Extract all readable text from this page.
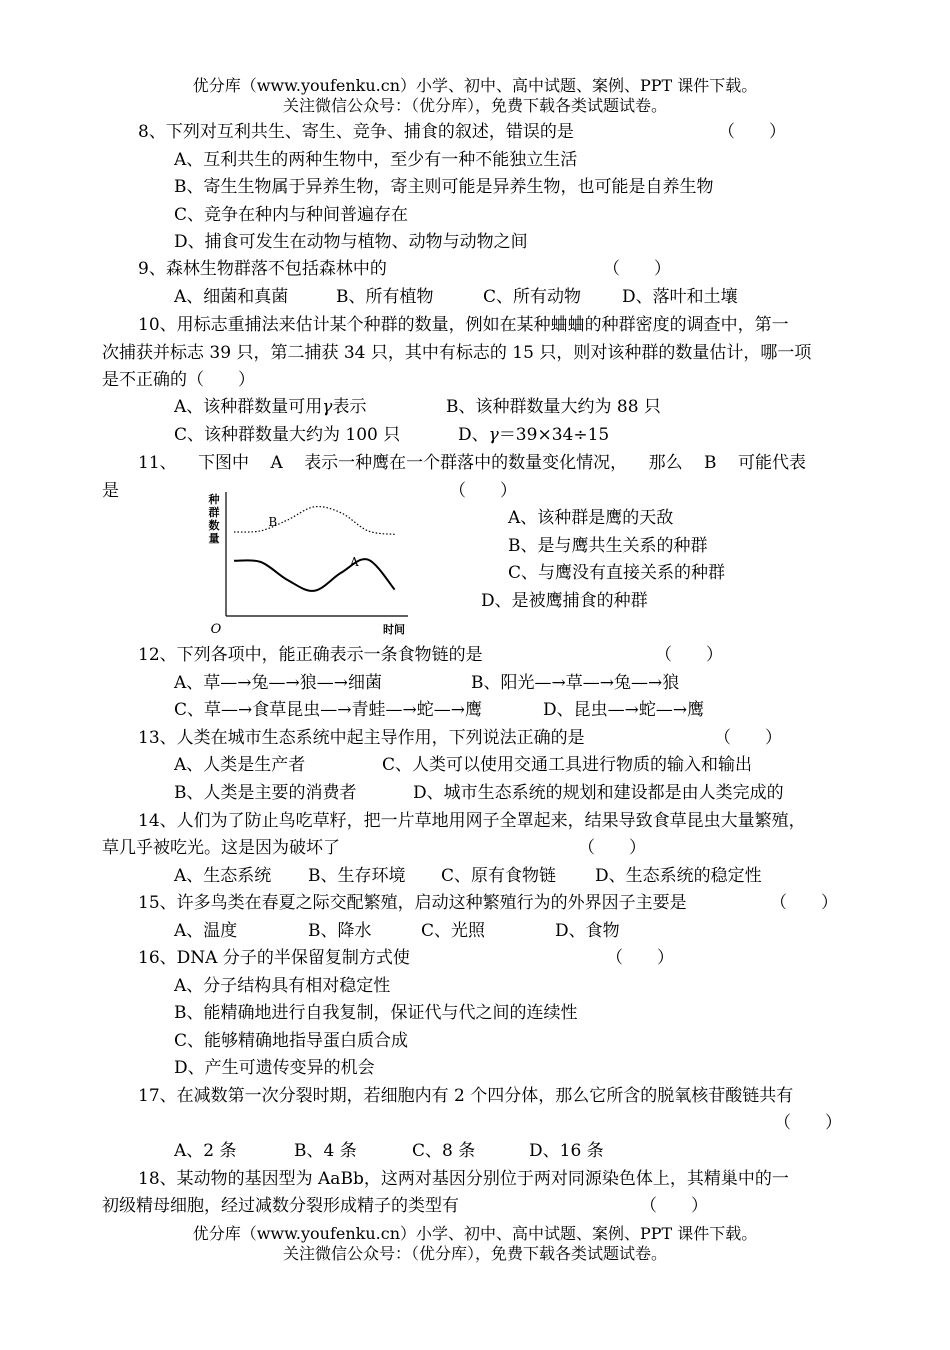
优分库（www.youfenku.cn）小学、初中、高中试题、案例、PPT 课件下载。
关注微信公众号：（优分库），免费下载各类试题试卷。
8、下列对互利共生、寄生、竞争、捕食的叙述，错误的是	（　　）
A、互利共生的两种生物中，至少有一种不能独立生活
B、寄生生物属于异养生物，寄主则可能是异养生物，也可能是自养生物
C、竞争在种内与种间普遍存在
D、捕食可发生在动物与植物、动物与动物之间
9、森林生物群落不包括森林中的	（　　）
A、细菌和真菌	B、所有植物	C、所有动物 D、落叶和土壤
10、用标志重捕法来估计某个种群的数量，例如在某种蛐蛐的种群密度的调查中，第一
次捕获并标志 39 只，第二捕获 34 只，其中有标志的 15 只，则对该种群的数量估计，哪一项
是不正确的（　　）
A、该种群数量可用γ表示	B、该种群数量大约为 88 只
C、该种群数量大约为 100 只	D、γ＝39×34÷15
11、 下图中 A 表示一种鹰在一个群落中的数量变化情况， 那么 B 可能代表
是	（　　）
种
群
数
量
时间
O
B
A
A、该种群是鹰的天敌
B、是与鹰共生关系的种群
C、与鹰没有直接关系的种群
D、是被鹰捕食的种群
12、下列各项中，能正确表示一条食物链的是	（　　）
A、草—→兔—→狼—→细菌	B、阳光—→草—→兔—→狼
C、草—→食草昆虫—→青蛙—→蛇—→鹰	D、昆虫—→蛇—→鹰
13、人类在城市生态系统中起主导作用，下列说法正确的是	（　　）
A、人类是生产者	C、人类可以使用交通工具进行物质的输入和输出
B、人类是主要的消费者	D、城市生态系统的规划和建设都是由人类完成的
14、人们为了防止鸟吃草籽，把一片草地用网子全罩起来，结果导致食草昆虫大量繁殖，
草几乎被吃光。这是因为破坏了	（　　）
A、生态系统 B、生存环境 C、原有食物链 D、生态系统的稳定性
15、许多鸟类在春夏之际交配繁殖，启动这种繁殖行为的外界因子主要是	（　　）
A、温度	B、降水	C、光照	D、食物
16、DNA 分子的半保留复制方式使	（　　）
A、分子结构具有相对稳定性
B、能精确地进行自我复制，保证代与代之间的连续性
C、能够精确地指导蛋白质合成
D、产生可遗传变异的机会
17、在减数第一次分裂时期，若细胞内有 2 个四分体，那么它所含的脱氧核苷酸链共有
（　　）
A、2 条	B、4 条	C、8 条	D、16 条
18、某动物的基因型为 AaBb，这两对基因分别位于两对同源染色体上，其精巢中的一
初级精母细胞，经过减数分裂形成精子的类型有	（　　）
优分库（www.youfenku.cn）小学、初中、高中试题、案例、PPT 课件下载。
关注微信公众号：（优分库），免费下载各类试题试卷。
